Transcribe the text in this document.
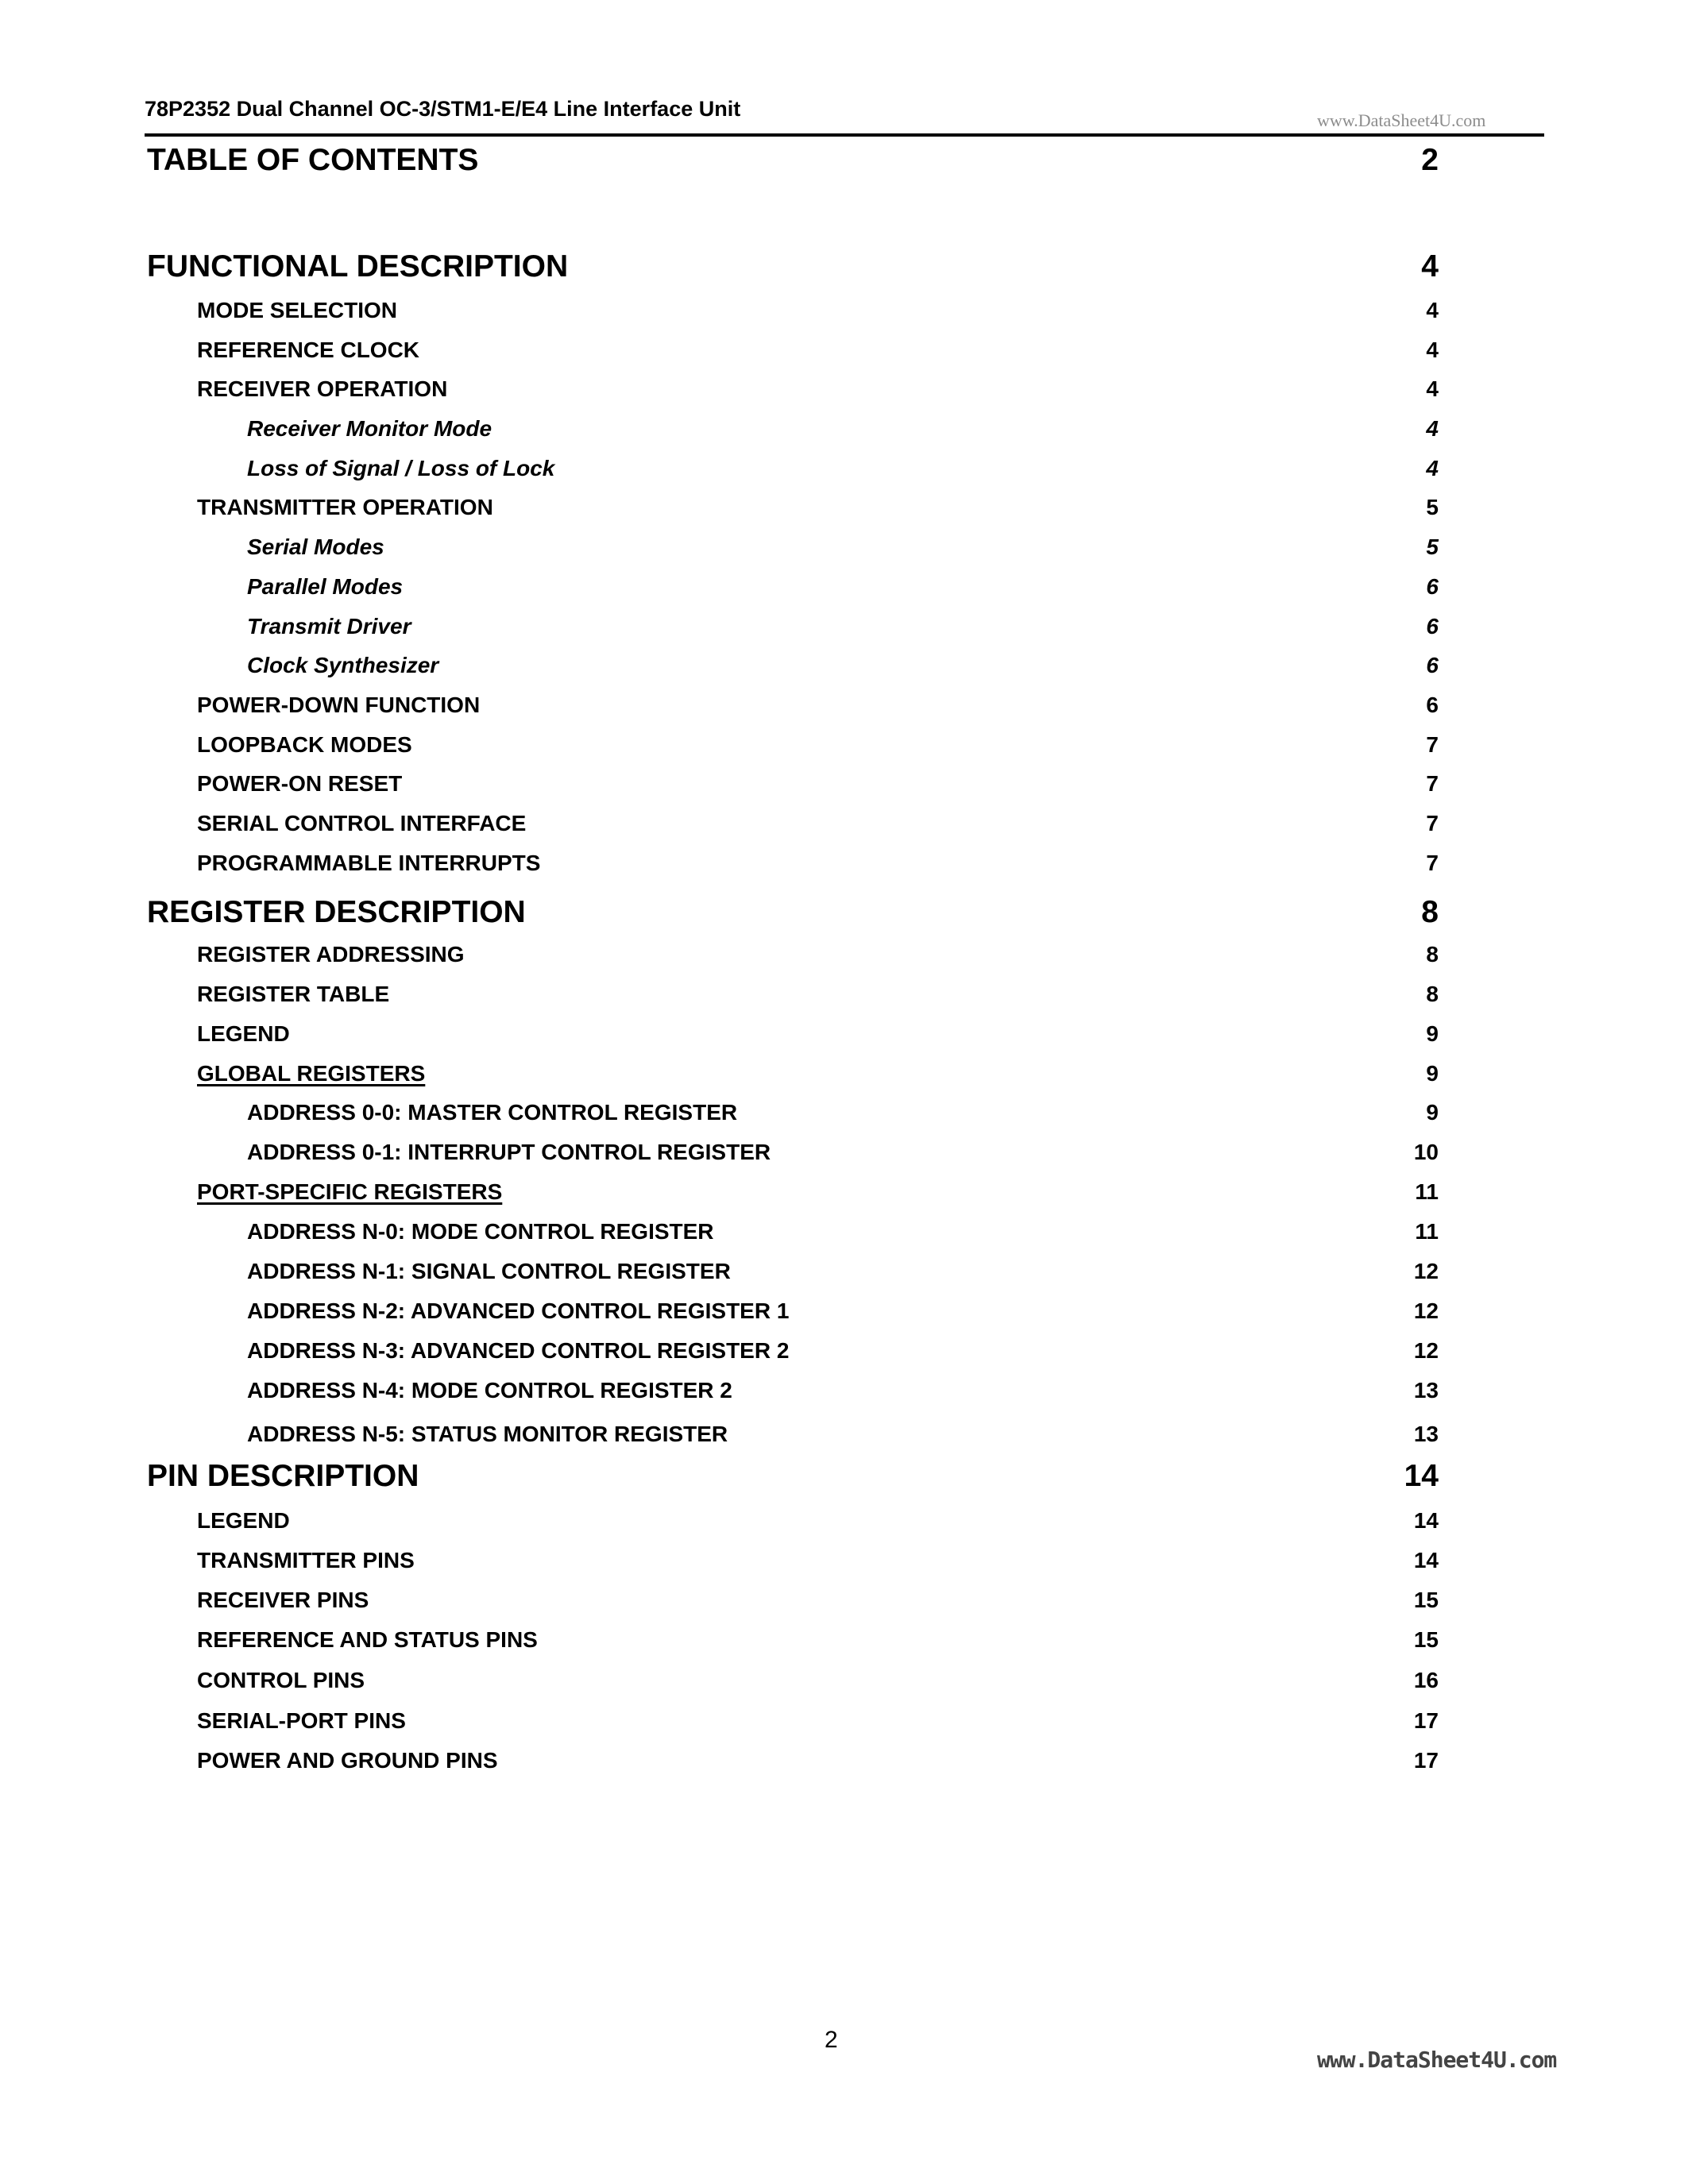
78P2352 Dual Channel OC-3/STM1-E/E4 Line Interface Unit	www.DataSheet4U.com
TABLE OF CONTENTS	2
FUNCTIONAL DESCRIPTION	4
MODE SELECTION	4
REFERENCE CLOCK	4
RECEIVER OPERATION	4
Receiver Monitor Mode	4
Loss of Signal / Loss of Lock	4
TRANSMITTER OPERATION	5
Serial Modes	5
Parallel Modes	6
Transmit Driver	6
Clock Synthesizer	6
POWER-DOWN FUNCTION	6
LOOPBACK MODES	7
POWER-ON RESET	7
SERIAL CONTROL INTERFACE	7
PROGRAMMABLE INTERRUPTS	7
REGISTER DESCRIPTION	8
REGISTER ADDRESSING	8
REGISTER TABLE	8
LEGEND	9
GLOBAL REGISTERS	9
ADDRESS 0-0: MASTER CONTROL REGISTER	9
ADDRESS 0-1: INTERRUPT CONTROL REGISTER	10
PORT-SPECIFIC REGISTERS	11
ADDRESS N-0: MODE CONTROL REGISTER	11
ADDRESS N-1: SIGNAL CONTROL REGISTER	12
ADDRESS N-2: ADVANCED CONTROL REGISTER 1	12
ADDRESS N-3: ADVANCED CONTROL REGISTER 2	12
ADDRESS N-4: MODE CONTROL REGISTER 2	13
ADDRESS N-5: STATUS MONITOR REGISTER	13
PIN DESCRIPTION	14
LEGEND	14
TRANSMITTER PINS	14
RECEIVER PINS	15
REFERENCE AND STATUS PINS	15
CONTROL PINS	16
SERIAL-PORT PINS	17
POWER AND GROUND PINS	17
2
www.DataSheet4U.com
